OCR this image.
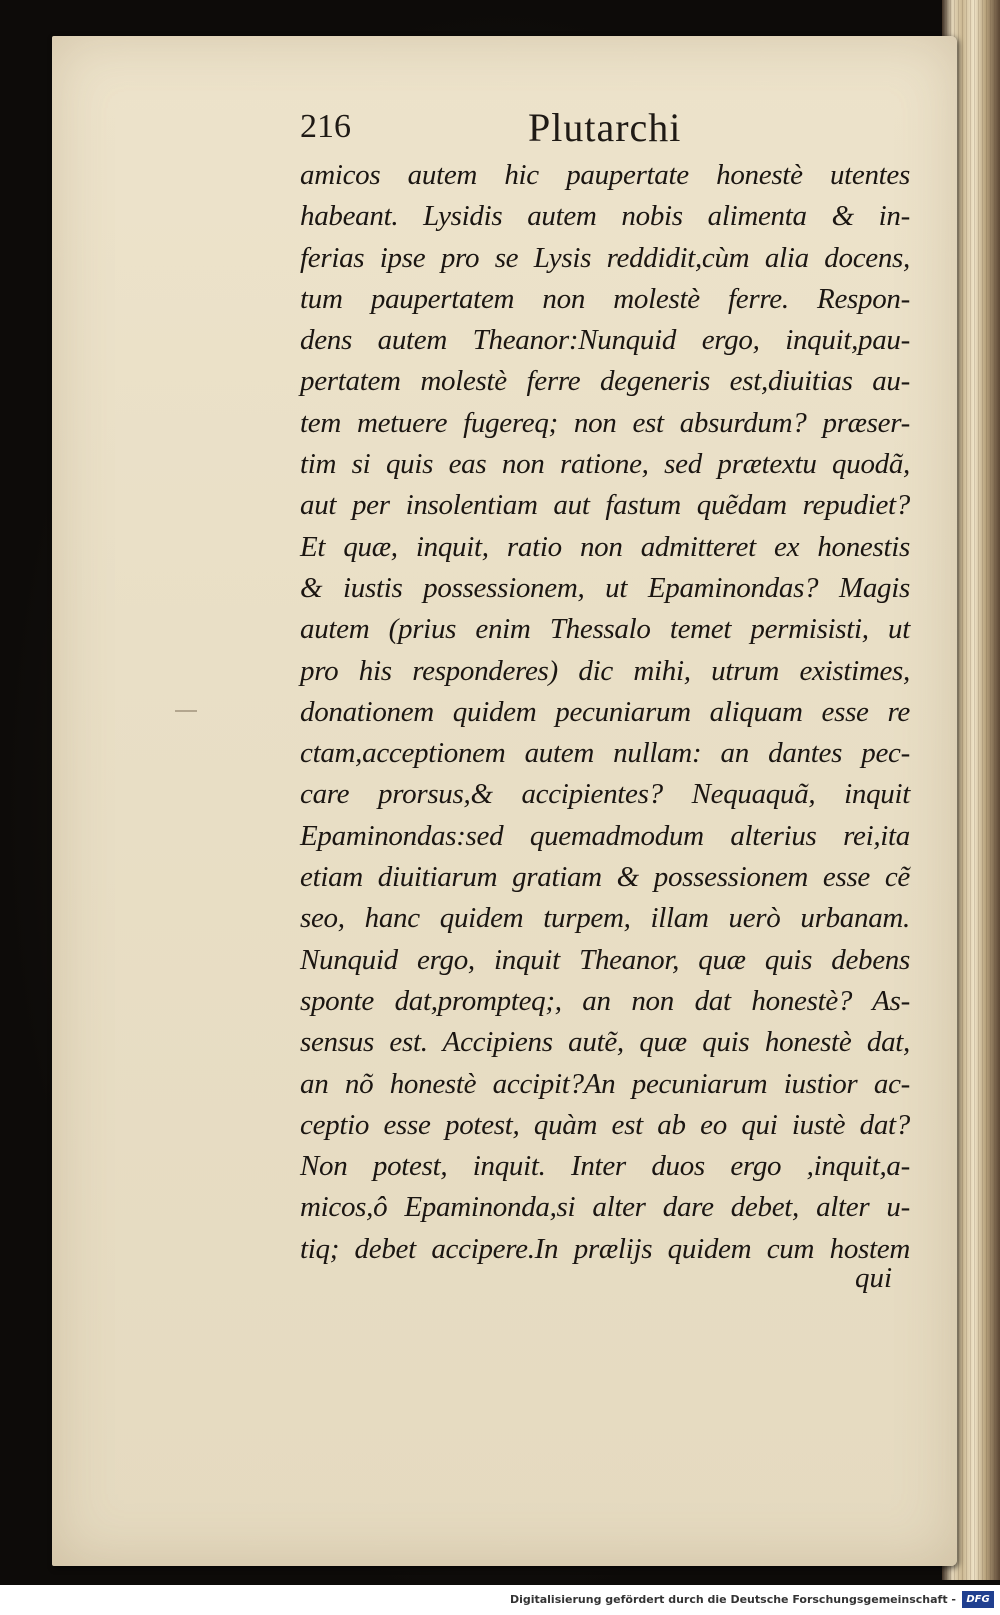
216	Plutarchi
amicos autem hic paupertate honestè utentes
habeant. Lysidis autem nobis alimenta & in-
ferias ipse pro se Lysis reddidit,cùm alia docens,
tum paupertatem non molestè ferre. Respon-
dens autem Theanor:Nunquid ergo, inquit,pau-
pertatem molestè ferre degeneris est,diuitias au-
tem metuere fugereq; non est absurdum? præser-
tim si quis eas non ratione, sed prætextu quodã,
aut per insolentiam aut fastum quẽdam repudiet?
Et quæ, inquit, ratio non admitteret ex honestis
& iustis possessionem, ut Epaminondas? Magis
autem (prius enim Thessalo temet permisisti, ut
pro his responderes) dic mihi, utrum existimes,
donationem quidem pecuniarum aliquam esse re
ctam,acceptionem autem nullam: an dantes pec-
care prorsus,& accipientes? Nequaquã, inquit
Epaminondas:sed quemadmodum alterius rei,ita
etiam diuitiarum gratiam & possessionem esse cẽ
seo, hanc quidem turpem, illam uerò urbanam.
Nunquid ergo, inquit Theanor, quæ quis debens
sponte dat,prompteq;, an non dat honestè? As-
sensus est. Accipiens autẽ, quæ quis honestè dat,
an nõ honestè accipit?An pecuniarum iustior ac-
ceptio esse potest, quàm est ab eo qui iustè dat?
Non potest, inquit. Inter duos ergo ,inquit,a-
micos,ô Epaminonda,si alter dare debet, alter u-
tiq; debet accipere.In prælijs quidem cum hostem
qui
Digitalisierung gefördert durch die Deutsche Forschungsgemeinschaft -	DFG
